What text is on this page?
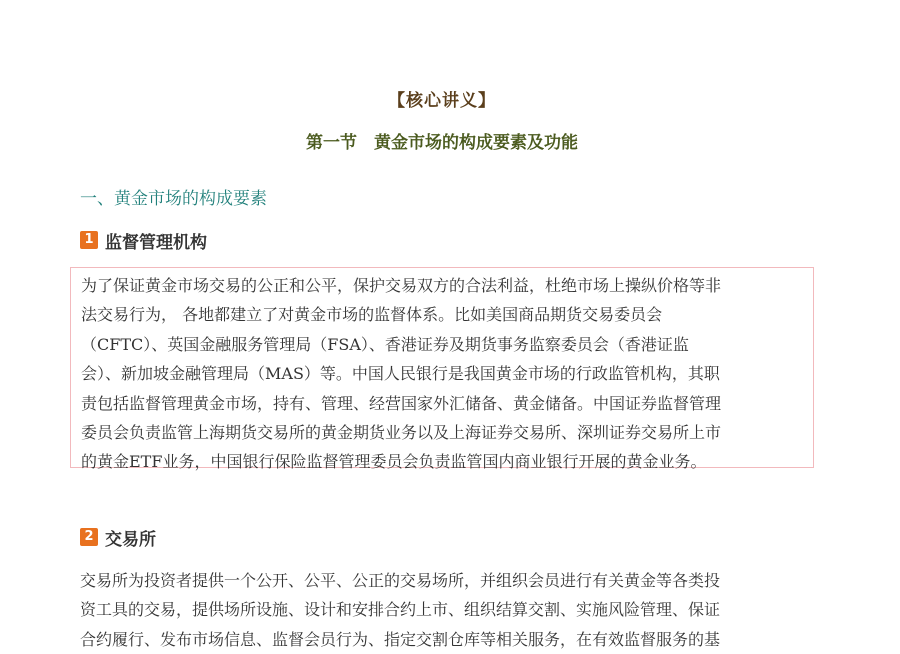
【核心讲义】
第一节　黄金市场的构成要素及功能
一、黄金市场的构成要素
1 监督管理机构

为了保证黄金市场交易的公正和公平，保护交易双方的合法利益，杜绝市场上操纵价格等非
法交易行为， 各地都建立了对黄金市场的监督体系。比如美国商品期货交易委员会
（CFTC）、英国金融服务管理局（FSA）、香港证券及期货事务监察委员会（香港证监
会）、新加坡金融管理局（MAS）等。中国人民银行是我国黄金市场的行政监管机构，其职
责包括监督管理黄金市场，持有、管理、经营国家外汇储备、黄金储备。中国证券监督管理
委员会负责监管上海期货交易所的黄金期货业务以及上海证券交易所、深圳证券交易所上市
的黄金ETF业务，中国银行保险监督管理委员会负责监管国内商业银行开展的黄金业务。

2 交易所

交易所为投资者提供一个公开、公平、公正的交易场所，并组织会员进行有关黄金等各类投
资工具的交易，提供场所设施、设计和安排合约上市、组织结算交割、实施风险管理、保证
合约履行、发布市场信息、监督会员行为、指定交割仓库等相关服务，在有效监督服务的基
